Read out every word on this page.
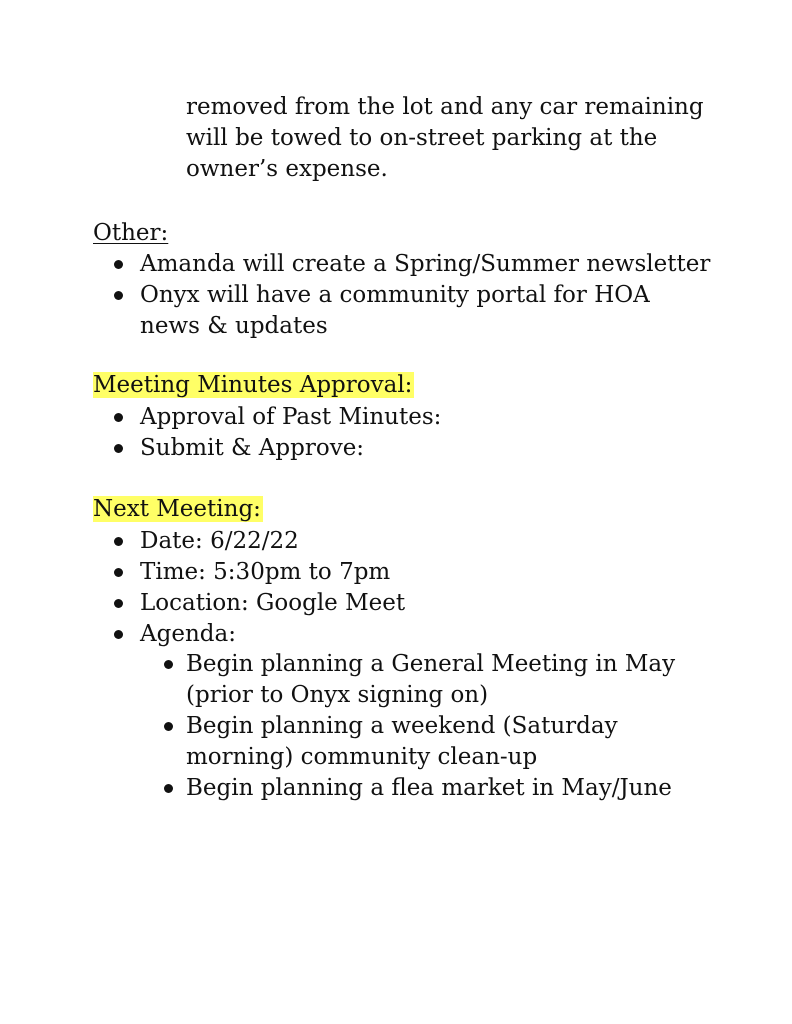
removed from the lot and any car remaining
will be towed to on-street parking at the
owner’s expense.
Other:
Amanda will create a Spring/Summer newsletter
Onyx will have a community portal for HOA
news & updates
Meeting Minutes Approval:
Approval of Past Minutes:
Submit & Approve:
Next Meeting:
Date: 6/22/22
Time: 5:30pm to 7pm
Location: Google Meet
Agenda:
Begin planning a General Meeting in May
(prior to Onyx signing on)
Begin planning a weekend (Saturday
morning) community clean-up
Begin planning a flea market in May/June
